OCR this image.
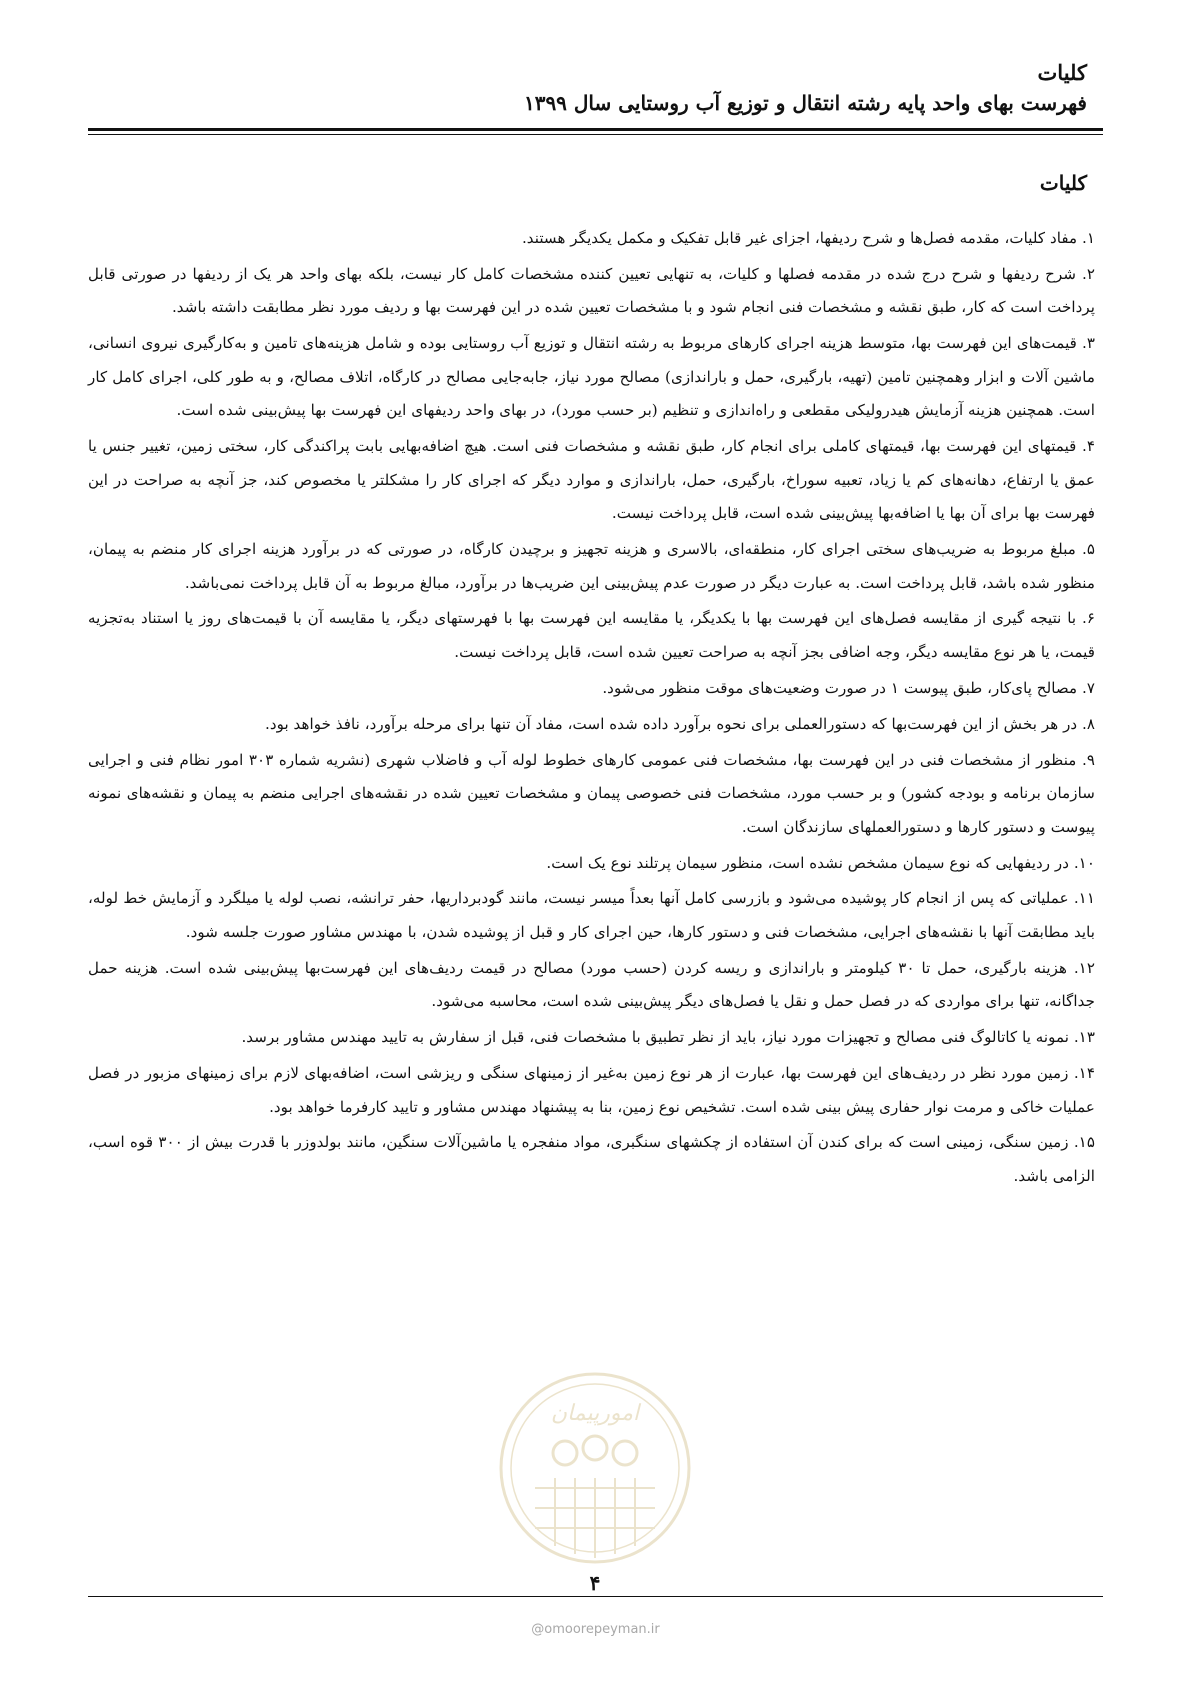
کلیات
فهرست بهای واحد پایه رشته انتقال و توزیع آب روستایی سال ۱۳۹۹
کلیات

۱. مفاد کلیات، مقدمه فصل‌ها و شرح ردیفها، اجزای غیر قابل تفکیک و مکمل یکدیگر هستند.

۲. شرح ردیفها و شرح درج شده در مقدمه فصلها و کلیات، به تنهایی تعیین کننده مشخصات کامل کار نیست، بلکه بهای واحد هر یک از ردیفها در صورتی قابل پرداخت است که کار، طبق نقشه و مشخصات فنی انجام شود و با مشخصات تعیین شده در این فهرست بها و ردیف مورد نظر مطابقت داشته باشد.

۳. قیمت‌های این فهرست بها، متوسط هزینه اجرای کارهای مربوط به رشته انتقال و توزیع آب روستایی بوده و شامل هزینه‌های تامین و به‌کارگیری نیروی انسانی، ماشین آلات و ابزار وهمچنین تامین (تهیه، بارگیری، حمل و باراندازی) مصالح مورد نیاز، جابه‌جایی مصالح در کارگاه، اتلاف مصالح، و به طور کلی، اجرای کامل کار است. همچنین هزینه آزمایش هیدرولیکی مقطعی و راه‌اندازی و تنظیم (بر حسب مورد)، در بهای واحد ردیفهای این فهرست بها پیش‌بینی شده است.

۴. قیمتهای این فهرست بها، قیمتهای کاملی برای انجام کار، طبق نقشه و مشخصات فنی است. هیچ اضافه‌بهایی بابت پراکندگی کار، سختی زمین، تغییر جنس یا عمق یا ارتفاع، دهانه‌های کم یا زیاد، تعبیه سوراخ، بارگیری، حمل، باراندازی و موارد دیگر که اجرای کار را مشکلتر یا مخصوص کند، جز آنچه به صراحت در این فهرست بها برای آن بها یا اضافه‌بها پیش‌بینی شده است، قابل پرداخت نیست.

۵. مبلغ مربوط به ضریب‌های سختی اجرای کار، منطقه‌ای، بالاسری و هزینه تجهیز و برچیدن کارگاه، در صورتی که در برآورد هزینه اجرای کار منضم به پیمان، منظور شده باشد، قابل پرداخت است. به عبارت دیگر در صورت عدم پیش‌بینی این ضریب‌ها در برآورد، مبالغ مربوط به آن قابل پرداخت نمی‌باشد.

۶. با نتیجه گیری از مقایسه فصل‌های این فهرست بها با یکدیگر، یا مقایسه این فهرست بها با فهرستهای دیگر، یا مقایسه آن با قیمت‌های روز یا استناد به‌تجزیه قیمت، یا هر نوع مقایسه دیگر، وجه اضافی بجز آنچه به صراحت تعیین شده است، قابل پرداخت نیست.

۷. مصالح پای‌کار، طبق پیوست ۱ در صورت وضعیت‌های موقت منظور می‌شود.

۸. در هر بخش از این فهرست‌بها که دستورالعملی برای نحوه برآورد داده شده است، مفاد آن تنها برای مرحله برآورد، نافذ خواهد بود.

۹. منظور از مشخصات فنی در این فهرست بها، مشخصات فنی عمومی کارهای خطوط لوله آب و فاضلاب شهری (نشریه شماره ۳۰۳ امور نظام فنی و اجرایی سازمان برنامه و بودجه کشور) و بر حسب مورد، مشخصات فنی خصوصی پیمان و مشخصات تعیین شده در نقشه‌های اجرایی منضم به پیمان و نقشه‌های نمونه پیوست و دستور کارها و دستورالعملهای سازندگان است.

۱۰. در ردیفهایی که نوع سیمان مشخص نشده است، منظور سیمان پرتلند نوع یک است.

۱۱. عملیاتی که پس از انجام کار پوشیده می‌شود و بازرسی کامل آنها بعداً میسر نیست، مانند گودبرداریها، حفر ترانشه، نصب لوله یا میلگرد و آزمایش خط لوله، باید مطابقت آنها با نقشه‌های اجرایی، مشخصات فنی و دستور کارها، حین اجرای کار و قبل از پوشیده شدن، با مهندس مشاور صورت جلسه شود.

۱۲. هزینه بارگیری، حمل تا ۳۰ کیلومتر و باراندازی و ریسه کردن (حسب مورد) مصالح در قیمت ردیف‌های این فهرست‌بها پیش‌بینی شده است. هزینه حمل جداگانه، تنها برای مواردی که در فصل حمل و نقل یا فصل‌های دیگر پیش‌بینی شده است، محاسبه می‌شود.

۱۳. نمونه یا کاتالوگ فنی مصالح و تجهیزات مورد نیاز، باید از نظر تطبیق با مشخصات فنی، قبل از سفارش به تایید مهندس مشاور برسد.

۱۴. زمین مورد نظر در ردیف‌های این فهرست بها، عبارت از هر نوع زمین به‌غیر از زمینهای سنگی و ریزشی است، اضافه‌بهای لازم برای زمینهای مزبور در فصل عملیات خاکی و مرمت نوار حفاری پیش بینی شده است. تشخیص نوع زمین، بنا به پیشنهاد مهندس مشاور و تایید کارفرما خواهد بود.

۱۵. زمین سنگی، زمینی است که برای کندن آن استفاده از چکشهای سنگبری، مواد منفجره یا ماشین‌آلات سنگین، مانند بولدوزر با قدرت بیش از ۳۰۰ قوه اسب، الزامی باشد.

امورپیمان
۴
@omoorepeyman.ir
